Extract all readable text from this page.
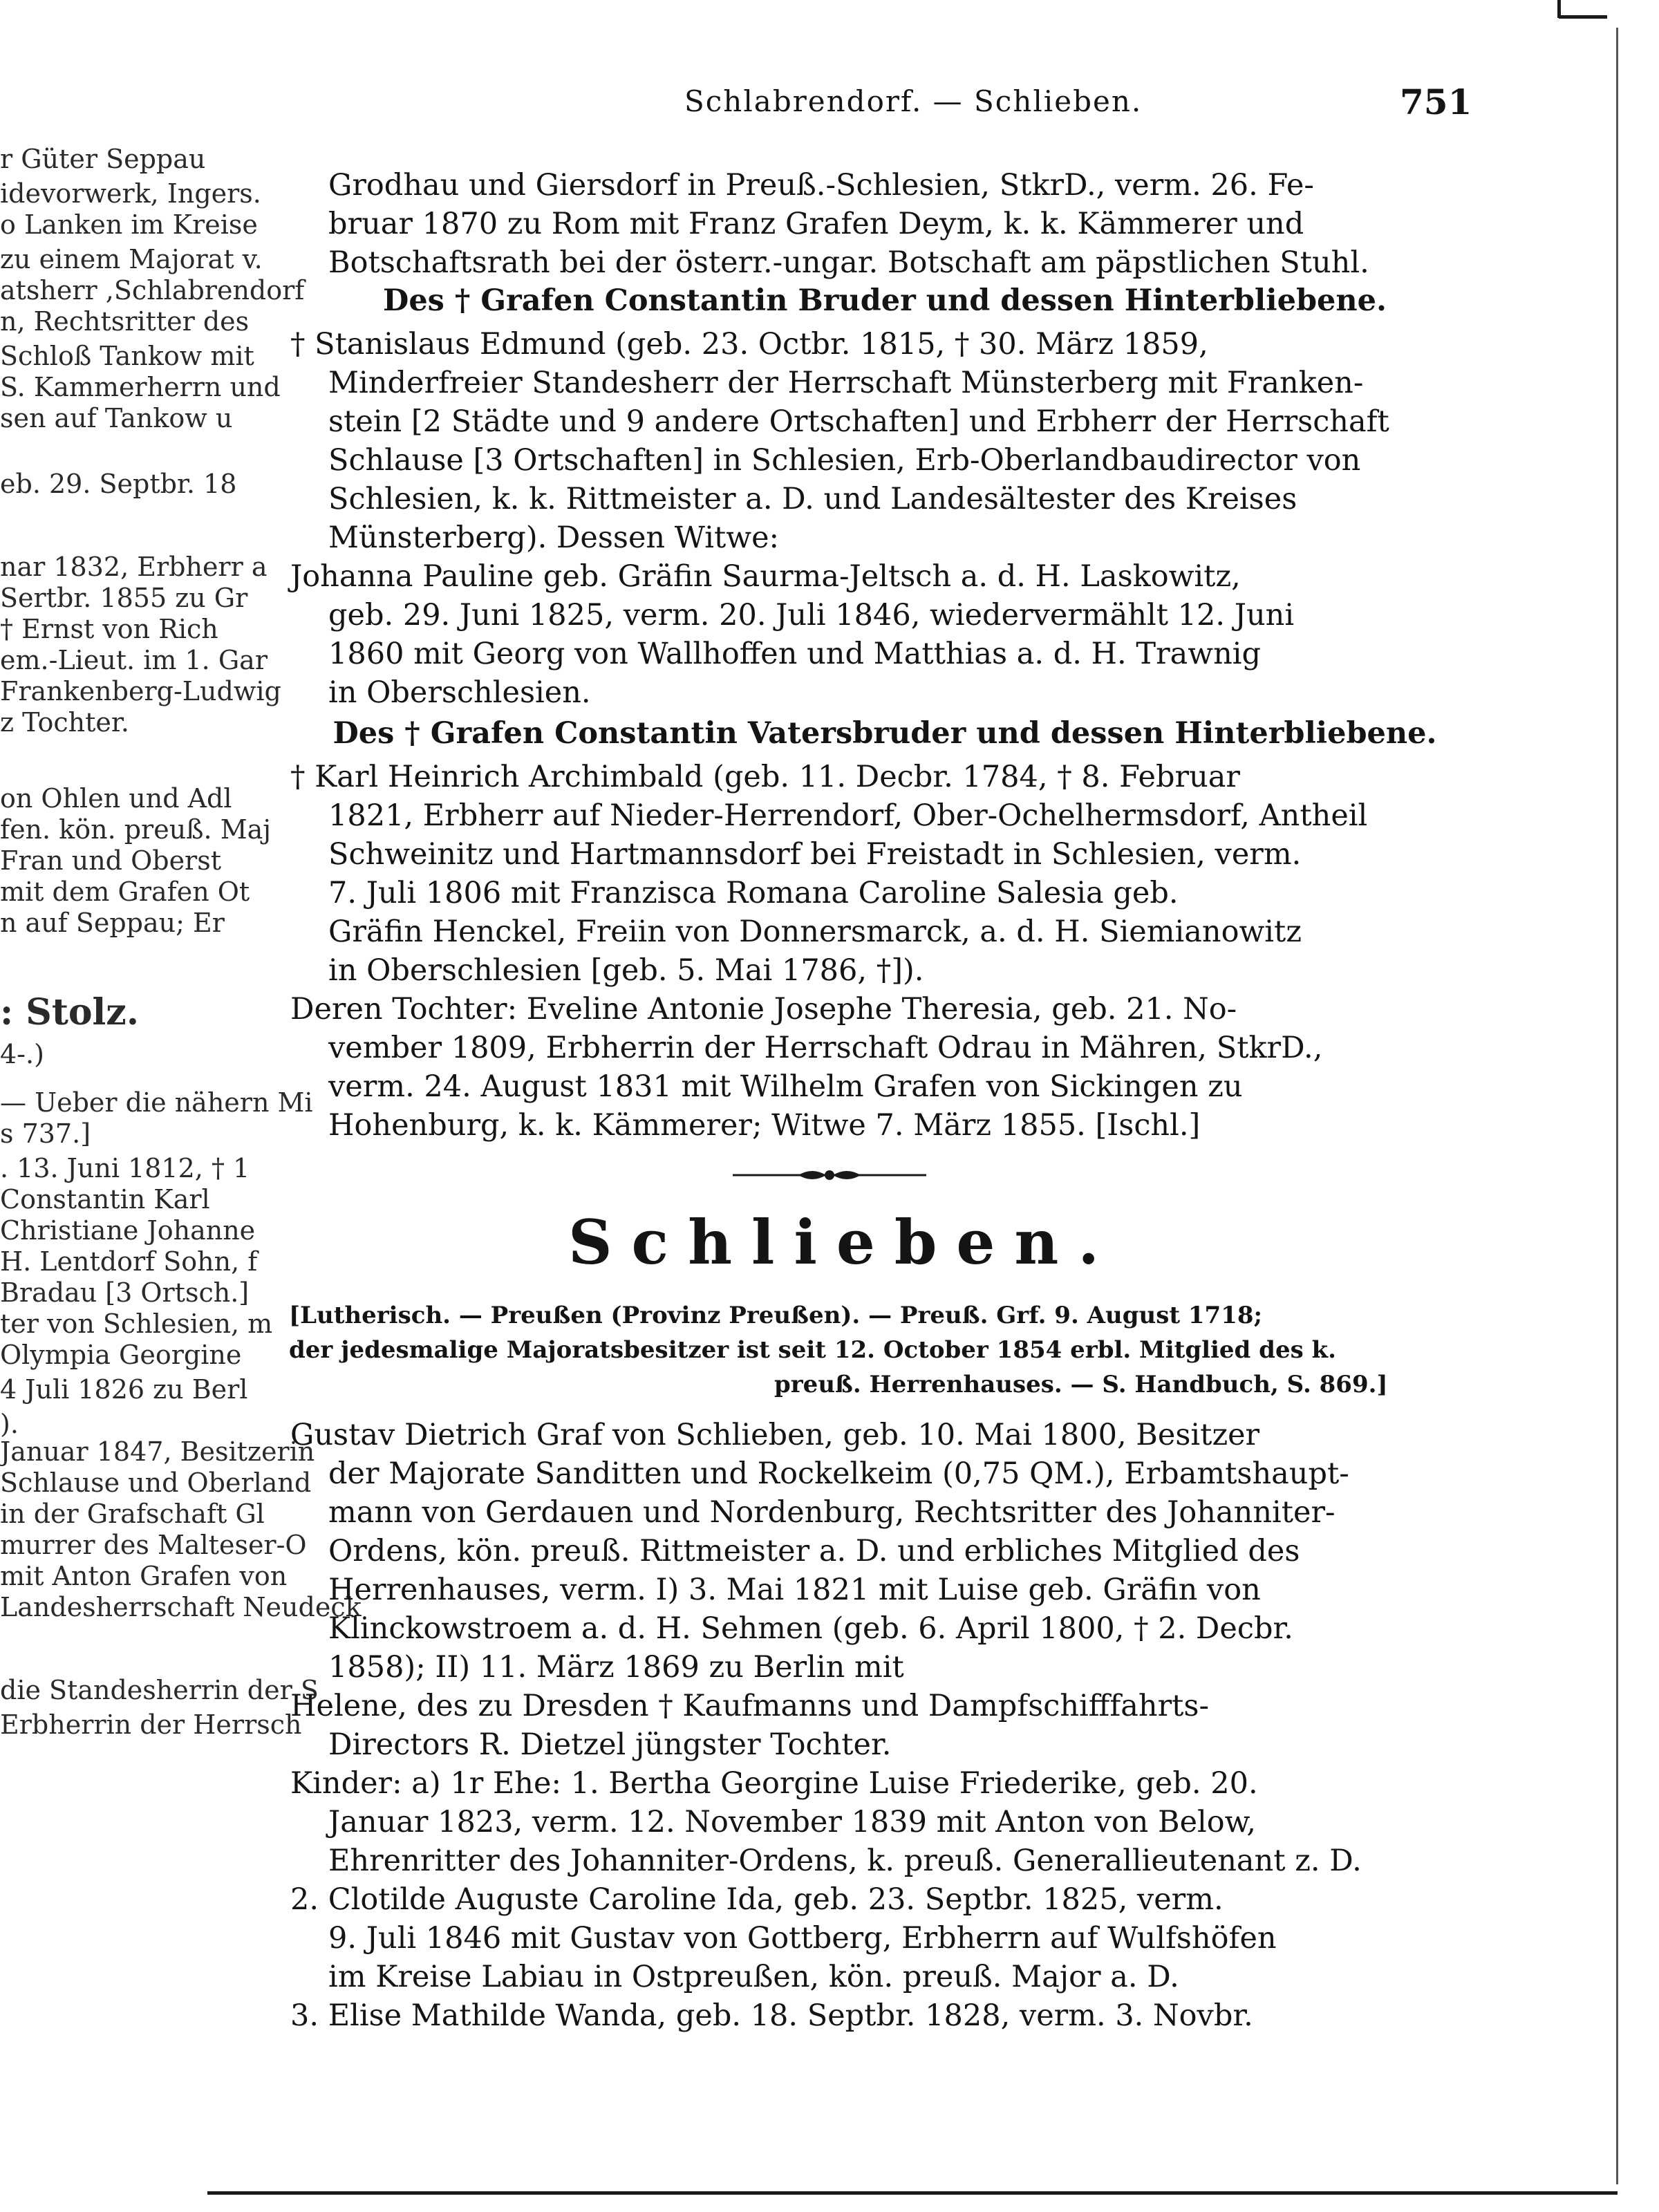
r Güter Seppau
idevorwerk, Ingers.
o Lanken im Kreise
zu einem Majorat v.
atsherr ,Schlabrendorf
n, Rechtsritter des
Schloß Tankow mit
S. Kammerherrn und
sen auf Tankow u
eb. 29. Septbr. 18
nar 1832, Erbherr a
Sertbr. 1855 zu Gr
† Ernst von Rich
em.-Lieut. im 1. Gar
Frankenberg-Ludwig
z Tochter.
on Ohlen und Adl
fen. kön. preuß. Maj
Fran und Oberst
mit dem Grafen Ot
n auf Seppau; Er
: Stolz.
4-.)
— Ueber die nähern Mi
s 737.]
. 13. Juni 1812, † 1
Constantin Karl
Christiane Johanne
H. Lentdorf Sohn, f
Bradau [3 Ortsch.]
ter von Schlesien, m
Olympia Georgine
4 Juli 1826 zu Berl
).
Januar 1847, Besitzerin
Schlause und Oberland
in der Grafschaft Gl
murrer des Malteser-O
mit Anton Grafen von
Landesherrschaft Neudeck
die Standesherrin der S
Erbherrin der Herrsch
Schlabrendorf. — Schlieben.	751
Grodhau und Giersdorf in Preuß.-Schlesien, StkrD., verm. 26. Fe-
bruar 1870 zu Rom mit Franz Grafen Deym, k. k. Kämmerer und
Botschaftsrath bei der österr.-ungar. Botschaft am päpstlichen Stuhl.
Des † Grafen Constantin Bruder und dessen Hinterbliebene.
† Stanislaus Edmund (geb. 23. Octbr. 1815, † 30. März 1859,
Minderfreier Standesherr der Herrschaft Münsterberg mit Franken-
stein [2 Städte und 9 andere Ortschaften] und Erbherr der Herrschaft
Schlause [3 Ortschaften] in Schlesien, Erb-Oberlandbaudirector von
Schlesien, k. k. Rittmeister a. D. und Landesältester des Kreises
Münsterberg). Dessen Witwe:
Johanna Pauline geb. Gräfin Saurma-Jeltsch a. d. H. Laskowitz,
geb. 29. Juni 1825, verm. 20. Juli 1846, wiedervermählt 12. Juni
1860 mit Georg von Wallhoffen und Matthias a. d. H. Trawnig
in Oberschlesien.
Des † Grafen Constantin Vatersbruder und dessen Hinterbliebene.
† Karl Heinrich Archimbald (geb. 11. Decbr. 1784, † 8. Februar
1821, Erbherr auf Nieder-Herrendorf, Ober-Ochelhermsdorf, Antheil
Schweinitz und Hartmannsdorf bei Freistadt in Schlesien, verm.
7. Juli 1806 mit Franzisca Romana Caroline Salesia geb.
Gräfin Henckel, Freiin von Donnersmarck, a. d. H. Siemianowitz
in Oberschlesien [geb. 5. Mai 1786, †]).
Deren Tochter: Eveline Antonie Josephe Theresia, geb. 21. No-
vember 1809, Erbherrin der Herrschaft Odrau in Mähren, StkrD.,
verm. 24. August 1831 mit Wilhelm Grafen von Sickingen zu
Hohenburg, k. k. Kämmerer; Witwe 7. März 1855. [Ischl.]
Schlieben.
[Lutherisch. — Preußen (Provinz Preußen). — Preuß. Grf. 9. August 1718;
der jedesmalige Majoratsbesitzer ist seit 12. October 1854 erbl. Mitglied des k.
preuß. Herrenhauses. — S. Handbuch, S. 869.]
Gustav Dietrich Graf von Schlieben, geb. 10. Mai 1800, Besitzer
der Majorate Sanditten und Rockelkeim (0,75 QM.), Erbamtshaupt-
mann von Gerdauen und Nordenburg, Rechtsritter des Johanniter-
Ordens, kön. preuß. Rittmeister a. D. und erbliches Mitglied des
Herrenhauses, verm. I) 3. Mai 1821 mit Luise geb. Gräfin von
Klinckowstroem a. d. H. Sehmen (geb. 6. April 1800, † 2. Decbr.
1858); II) 11. März 1869 zu Berlin mit
Helene, des zu Dresden † Kaufmanns und Dampfschifffahrts-
Directors R. Dietzel jüngster Tochter.
Kinder: a) 1r Ehe: 1. Bertha Georgine Luise Friederike, geb. 20.
Januar 1823, verm. 12. November 1839 mit Anton von Below,
Ehrenritter des Johanniter-Ordens, k. preuß. Generallieutenant z. D.
2. Clotilde Auguste Caroline Ida, geb. 23. Septbr. 1825, verm.
9. Juli 1846 mit Gustav von Gottberg, Erbherrn auf Wulfshöfen
im Kreise Labiau in Ostpreußen, kön. preuß. Major a. D.
3. Elise Mathilde Wanda, geb. 18. Septbr. 1828, verm. 3. Novbr.
